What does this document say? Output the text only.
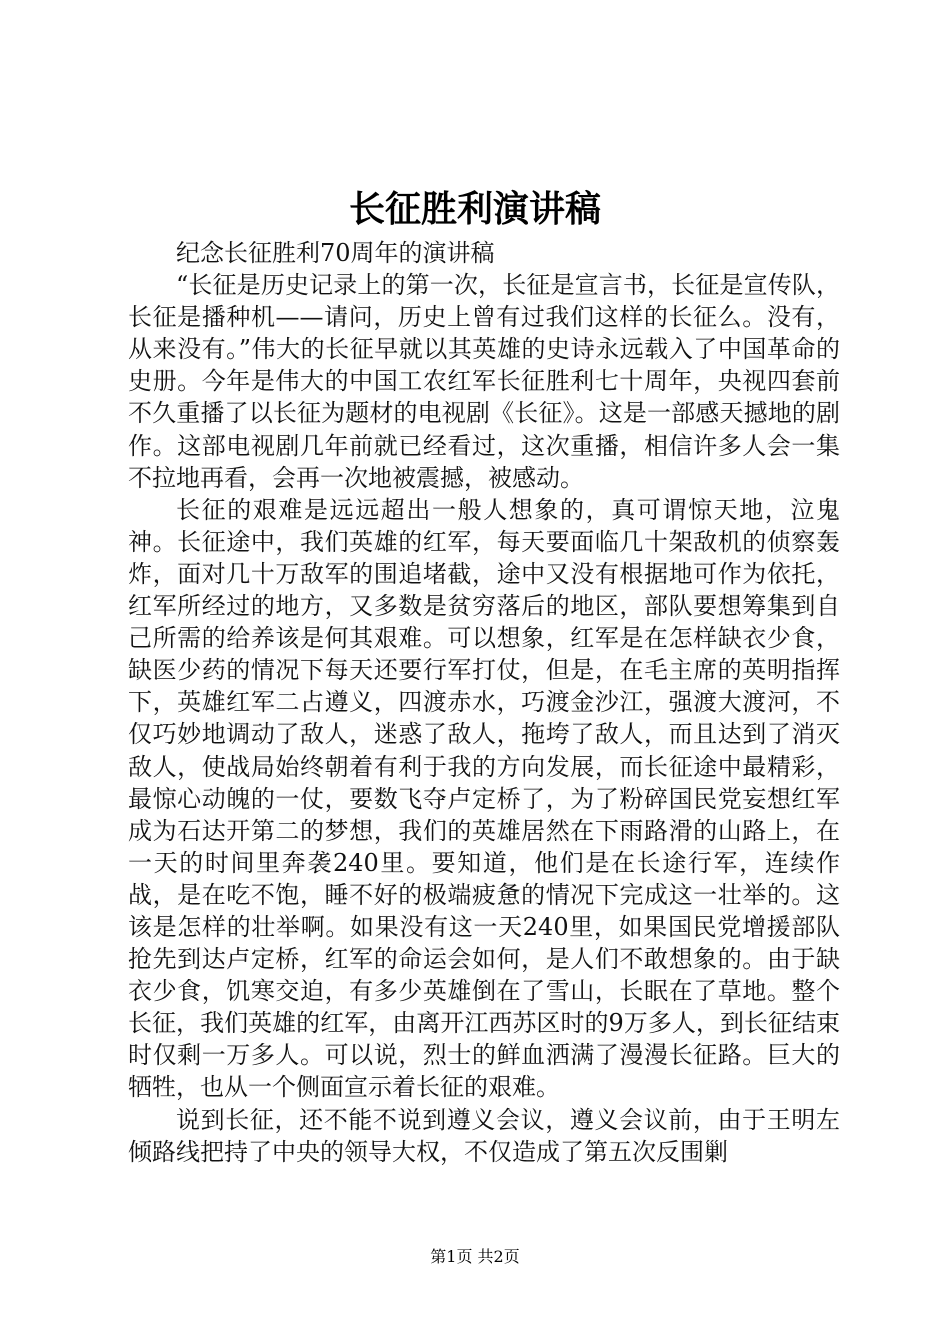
长征胜利演讲稿

纪念长征胜利70周年的演讲稿

“长征是历史记录上的第一次，长征是宣言书，长征是宣传队，长征是播种机——请问，历史上曾有过我们这样的长征么。没有，从来没有。”伟大的长征早就以其英雄的史诗永远载入了中国革命的史册。今年是伟大的中国工农红军长征胜利七十周年，央视四套前不久重播了以长征为题材的电视剧《长征》。这是一部感天撼地的剧作。这部电视剧几年前就已经看过，这次重播，相信许多人会一集不拉地再看，会再一次地被震撼，被感动。

长征的艰难是远远超出一般人想象的，真可谓惊天地，泣鬼神。长征途中，我们英雄的红军，每天要面临几十架敌机的侦察轰炸，面对几十万敌军的围追堵截，途中又没有根据地可作为依托，红军所经过的地方，又多数是贫穷落后的地区，部队要想筹集到自己所需的给养该是何其艰难。可以想象，红军是在怎样缺衣少食，缺医少药的情况下每天还要行军打仗，但是，在毛主席的英明指挥下，英雄红军二占遵义，四渡赤水，巧渡金沙江，强渡大渡河，不仅巧妙地调动了敌人，迷惑了敌人，拖垮了敌人，而且达到了消灭敌人，使战局始终朝着有利于我的方向发展，而长征途中最精彩，最惊心动魄的一仗，要数飞夺卢定桥了，为了粉碎国民党妄想红军成为石达开第二的梦想，我们的英雄居然在下雨路滑的山路上，在一天的时间里奔袭240里。要知道，他们是在长途行军，连续作战，是在吃不饱，睡不好的极端疲惫的情况下完成这一壮举的。这该是怎样的壮举啊。如果没有这一天240里，如果国民党增援部队抢先到达卢定桥，红军的命运会如何，是人们不敢想象的。由于缺衣少食，饥寒交迫，有多少英雄倒在了雪山，长眠在了草地。整个长征，我们英雄的红军，由离开江西苏区时的9万多人，到长征结束时仅剩一万多人。可以说，烈士的鲜血洒满了漫漫长征路。巨大的牺牲，也从一个侧面宣示着长征的艰难。

说到长征，还不能不说到遵义会议，遵义会议前，由于王明左倾路线把持了中央的领导大权，不仅造成了第五次反围剿

第1页 共2页
